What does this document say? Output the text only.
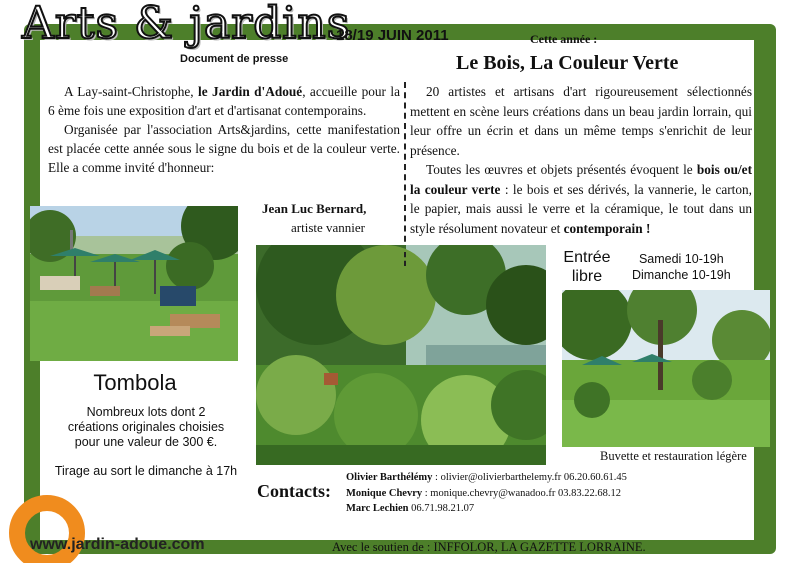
Arts & jardins
Document de presse
18/19 JUIN 2011	Cette année :
Le Bois, La Couleur Verte

A Lay-saint-Christophe, le Jardin d'Adoué, accueille pour la 6 ème fois une exposition d'art et d'artisanat contemporains.

Organisée par l'association Arts&jardins, cette manifestation est placée cette année sous le signe du bois et de la couleur verte. Elle a comme invité d'honneur:

20 artistes et artisans d'art rigoureusement sélectionnés mettent en scène leurs créations dans un beau jardin lorrain, qui leur offre un écrin et dans un même temps s'enrichit de leur présence.

Toutes les œuvres et objets présentés évoquent le bois ou/et la couleur verte : le bois et ses dérivés, la vannerie, le carton, le papier, mais aussi le verre et la céramique, le tout dans un style résolument novateur et contemporain !

Jean Luc Bernard,
artiste vannier
Entrée
libre
Samedi 10-19h
Dimanche 10-19h
Tombola

Nombreux lots dont 2 créations originales choisies pour une valeur de 300 €.

Tirage au sort le dimanche à 17h

Buvette et restauration légère
Contacts:
Olivier Barthélémy : olivier@olivierbarthelemy.fr 06.20.60.61.45
Monique Chevry : monique.chevry@wanadoo.fr 03.83.22.68.12
Marc Lechien 06.71.98.21.07
www.jardin-adoue.com	Avec le soutien de : INFFOLOR, LA GAZETTE LORRAINE.
